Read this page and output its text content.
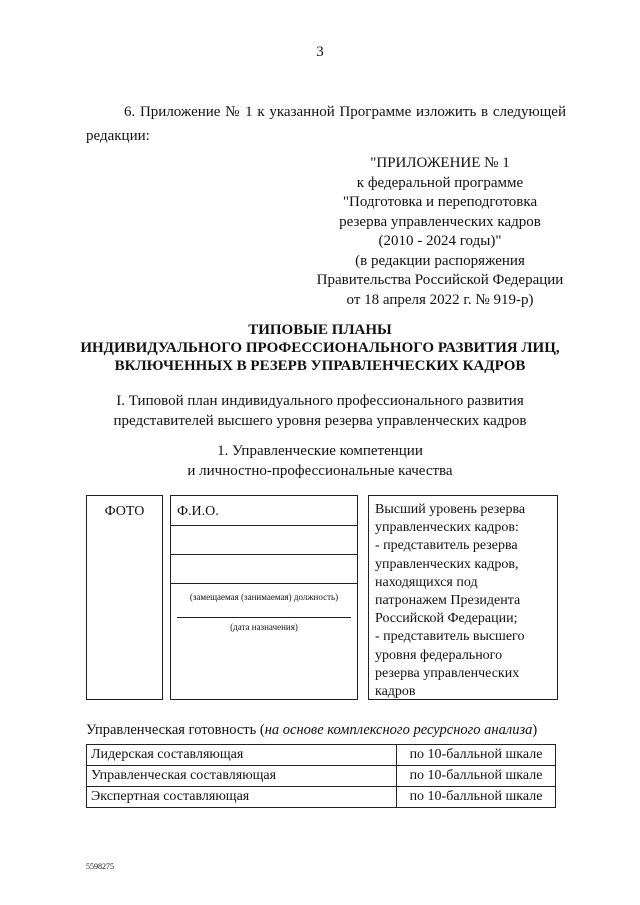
3
6. Приложение № 1 к указанной Программе изложить в следующей
редакции:
"ПРИЛОЖЕНИЕ № 1
к федеральной программе
"Подготовка и переподготовка
резерва управленческих кадров
(2010 - 2024 годы)"
(в редакции распоряжения
Правительства Российской Федерации
от 18 апреля 2022 г. № 919-р)
ТИПОВЫЕ ПЛАНЫ
ИНДИВИДУАЛЬНОГО ПРОФЕССИОНАЛЬНОГО РАЗВИТИЯ ЛИЦ,
ВКЛЮЧЕННЫХ В РЕЗЕРВ УПРАВЛЕНЧЕСКИХ КАДРОВ
I. Типовой план индивидуального профессионального развития
представителей высшего уровня резерва управленческих кадров
1. Управленческие компетенции
и личностно-профессиональные качества
ФОТО	Ф.И.О.
(замещаемая (занимаемая) должность)
(дата назначения)
Высший уровень резерва
управленческих кадров:
- представитель резерва
управленческих кадров,
находящихся под
патронажем Президента
Российской Федерации;
- представитель высшего
уровня федерального
резерва управленческих
кадров
Управленческая готовность (на основе комплексного ресурсного анализа)
Лидерская составляющая	по 10-балльной шкале
Управленческая составляющая	по 10-балльной шкале
Экспертная составляющая	по 10-балльной шкале
5598275
